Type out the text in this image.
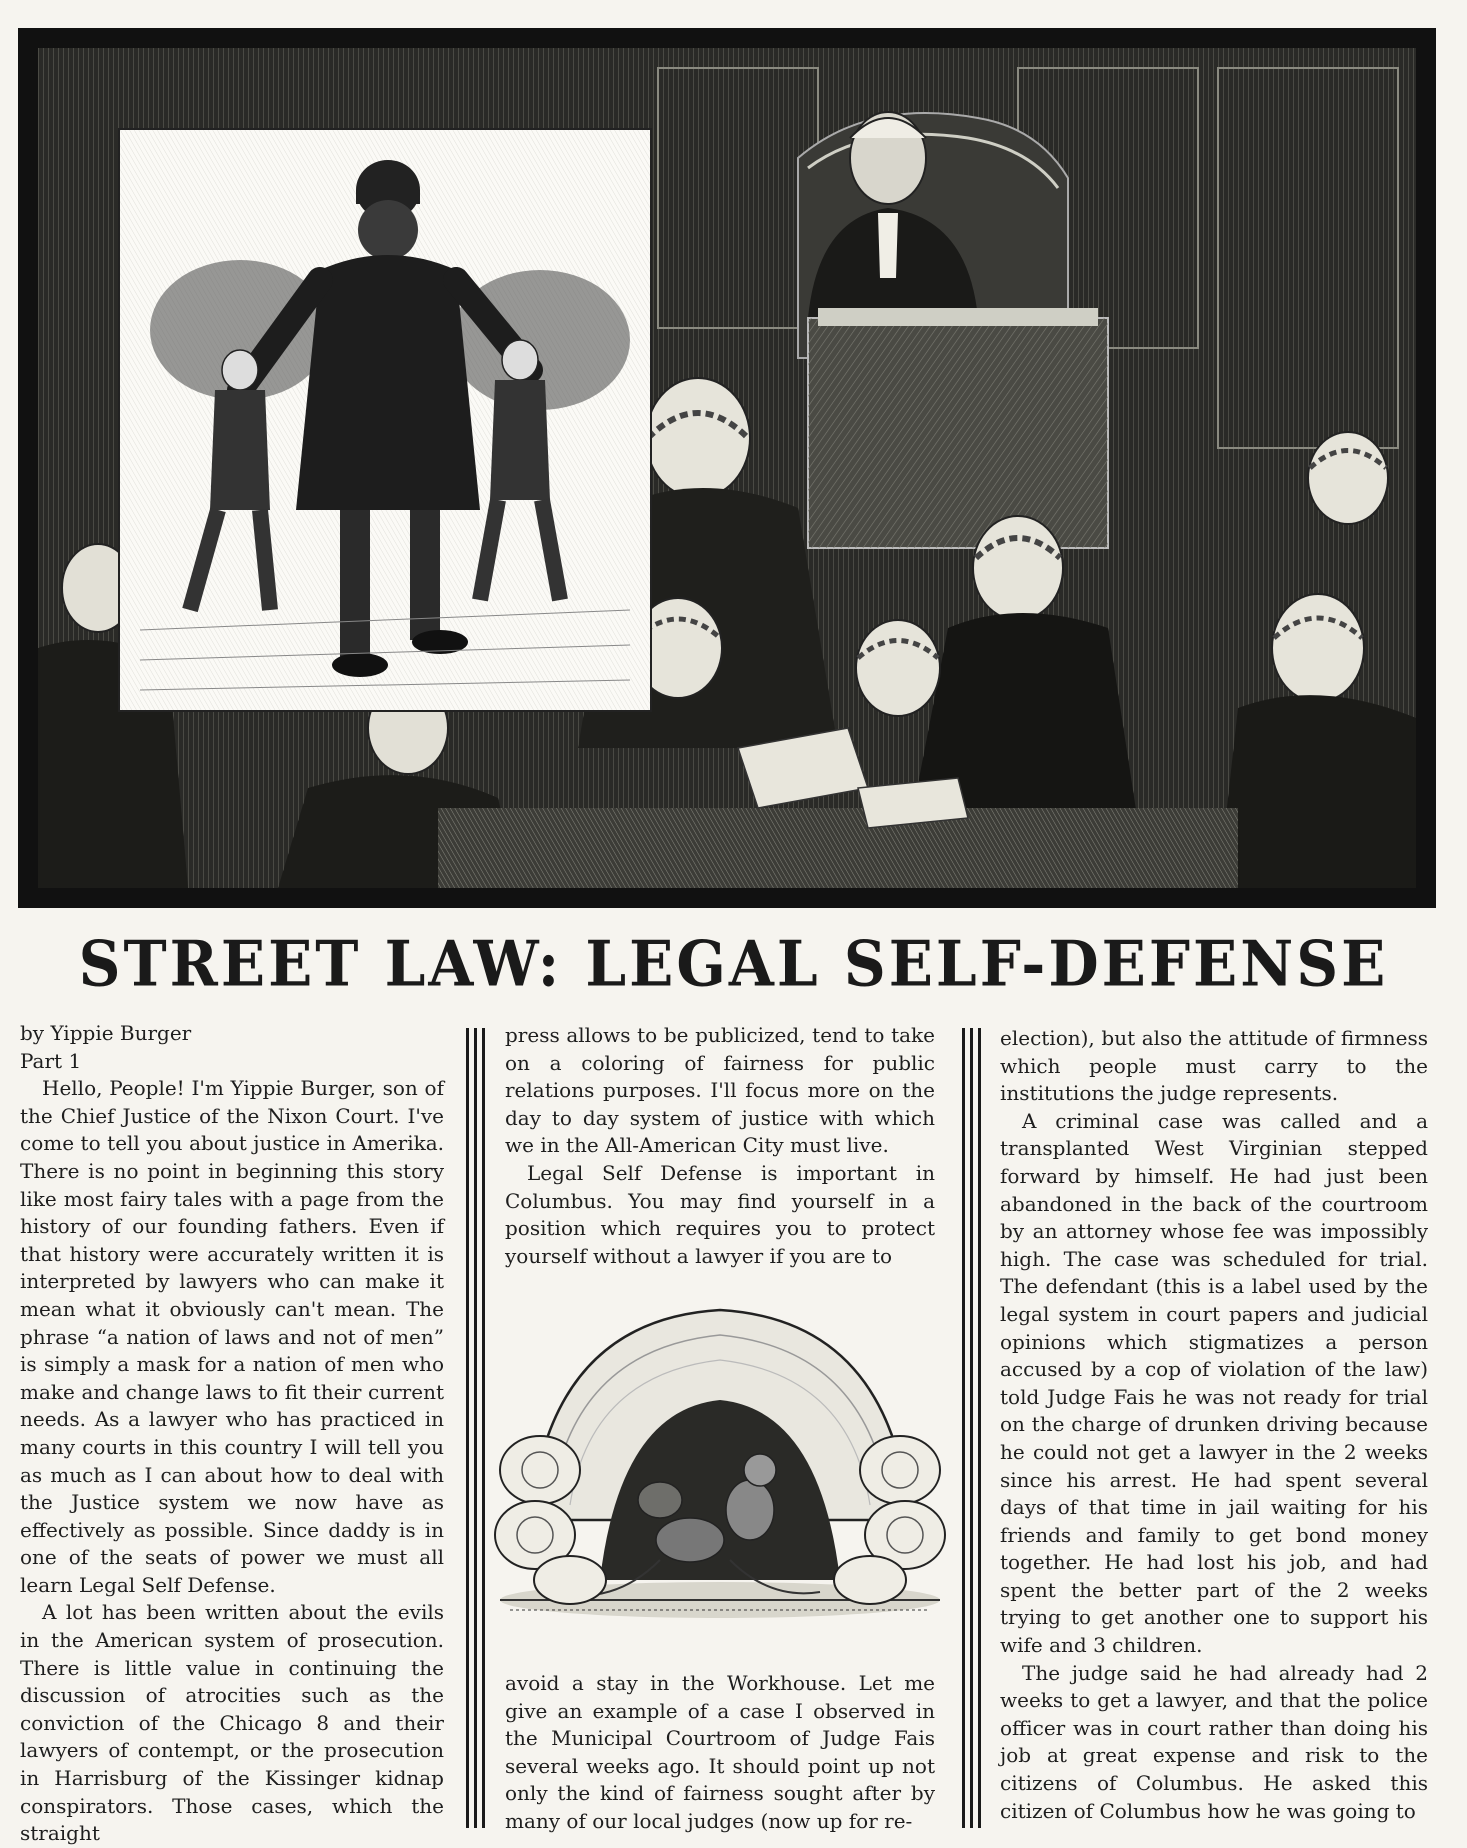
STREET LAW: LEGAL SELF-DEFENSE

by Yippie Burger

Part 1

Hello, People! I'm Yippie Burger, son of the Chief Justice of the Nixon Court. I've come to tell you about justice in Amerika. There is no point in beginning this story like most fairy tales with a page from the history of our founding fathers. Even if that history were accurately written it is interpreted by lawyers who can make it mean what it obviously can't mean. The phrase “a nation of laws and not of men” is simply a mask for a nation of men who make and change laws to fit their current needs. As a lawyer who has practiced in many courts in this country I will tell you as much as I can about how to deal with the Justice system we now have as effectively as possible. Since daddy is in one of the seats of power we must all learn Legal Self Defense.

A lot has been written about the evils in the American system of prosecution. There is little value in continuing the discussion of atrocities such as the conviction of the Chicago 8 and their lawyers of contempt, or the prosecution in Harrisburg of the Kissinger kidnap conspirators. Those cases, which the straight

press allows to be publicized, tend to take on a coloring of fairness for public relations purposes. I'll focus more on the day to day system of justice with which we in the All-American City must live.

Legal Self Defense is important in Columbus. You may find yourself in a position which requires you to protect yourself without a lawyer if you are to

avoid a stay in the Workhouse. Let me give an example of a case I observed in the Municipal Courtroom of Judge Fais several weeks ago. It should point up not only the kind of fairness sought after by many of our local judges (now up for re-

election), but also the attitude of firmness which people must carry to the institutions the judge represents.

A criminal case was called and a transplanted West Virginian stepped forward by himself. He had just been abandoned in the back of the courtroom by an attorney whose fee was impossibly high. The case was scheduled for trial. The defendant (this is a label used by the legal system in court papers and judicial opinions which stigmatizes a person accused by a cop of violation of the law) told Judge Fais he was not ready for trial on the charge of drunken driving because he could not get a lawyer in the 2 weeks since his arrest. He had spent several days of that time in jail waiting for his friends and family to get bond money together. He had lost his job, and had spent the better part of the 2 weeks trying to get another one to support his wife and 3 children.

The judge said he had already had 2 weeks to get a lawyer, and that the police officer was in court rather than doing his job at great expense and risk to the citizens of Columbus. He asked this citizen of Columbus how he was going to
